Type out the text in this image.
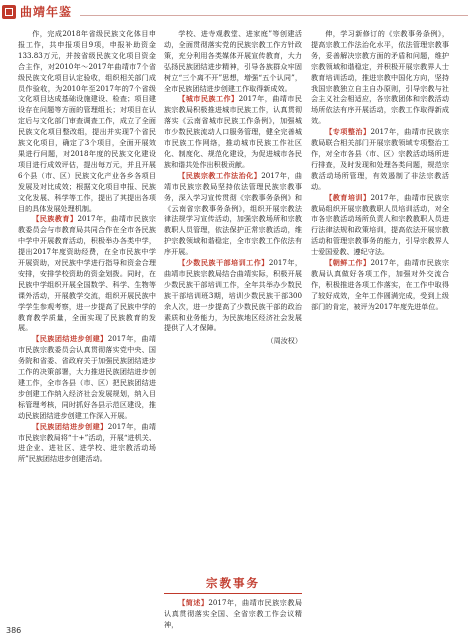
曲靖年鉴

作，完成2018年省级民族文化体目申报工作，共申报项目9项，申报补助资金133.83万元，并按省级民族文化项目资金合主作，对2010年～2017年曲靖市7个省级民族文化项目认定验收，组织相关部门成员作验收，为2010年至2017年的7个省级文化项目达成基础设施建设、检查；项目建设存在问题等方面的管理组长；对项目在认定后与文化部门审查调查工作，成立了全面民族文化项目整改组，提出并实现7个省民族文化项目，确定了3个项目，全面开展效果进行问题，对2018年度的民族文化建设项目进行成效评估，提出每万元，并且开展6个县（市、区）民族文化产业各乡各项目发展及对比成效；根据文化项目申报、民族文化发展、科学等工作，提出了其提出各项目的具体发展处理机制。

【民族教育】2017年，曲靖市民族宗教委员会与市教育局共同合作在全市各民族中学中开展教育活动，积极举办各类中学，提出2017年度资助经费，在全市民族中学开展资助，对民族中学进行指导和资金合理安排，安排学校资助的资金划拨。同时，在民族中学组织开展全国数学、科学、生物等课外活动，开展教学交流，组织开展民族中学学生参观考察，进一步提高了民族中学的教育教学质量，全面实现了民族教育的发展。

【民族团结进步创建】2017年，曲靖市民族宗教委员会认真贯彻落实党中央、国务院和省委、省政府关于加强民族团结进步工作的决策部署，大力推进民族团结进步创建工作，全市各县（市、区）把民族团结进步创建工作纳入经济社会发展规划，纳入目标管理考核，同时抓好各县示范区建设，推动民族团结进步创建工作深入开展。

【民族团结进步创建】2017年，曲靖市民族宗教局将“十+”活动，开展“进机关、进企业、进社区、进学校、进宗教活动场所”民族团结进步创建活动。

学校、进寺观教堂、进家庭”等创建活动，全面贯彻落实党的民族宗教工作方针政策，充分利用各类媒体开展宣传教育，大力弘扬民族团结进步精神，引导各族群众牢固树立“三个离不开”思想，增强“五个认同”，全市民族团结进步创建工作取得新成效。

【城市民族工作】2017年，曲靖市民族宗教局积极推进城市民族工作，认真贯彻落实《云南省城市民族工作条例》，加强城市少数民族流动人口服务管理，健全完善城市民族工作网络，推动城市民族工作社区化、制度化、规范化建设，为促进城市各民族和谐共处作出积极贡献。

【民族宗教工作法治化】2017年，曲靖市民族宗教局坚持依法管理民族宗教事务，深入学习宣传贯彻《宗教事务条例》和《云南省宗教事务条例》，组织开展宗教法律法规学习宣传活动，加强宗教场所和宗教教职人员管理，依法保护正常宗教活动，维护宗教领域和谐稳定，全市宗教工作依法有序开展。

【少数民族干部培训工作】2017年，曲靖市民族宗教局结合曲靖实际，积极开展少数民族干部培训工作，全年共举办少数民族干部培训班3期，培训少数民族干部300余人次，进一步提高了少数民族干部的政治素质和业务能力，为民族地区经济社会发展提供了人才保障。

（周汝权）

伸，学习新修订的《宗教事务条例》，提高宗教工作法治化水平，依法管理宗教事务，妥善解决宗教方面的矛盾和问题，维护宗教领域和谐稳定，并积极开展宗教界人士教育培训活动，推进宗教中国化方向，坚持我国宗教独立自主自办原则，引导宗教与社会主义社会相适应，各宗教团体和宗教活动场所依法有序开展活动，宗教工作取得新成效。

【专项整治】2017年，曲靖市民族宗教局联合相关部门开展宗教领域专项整治工作，对全市各县（市、区）宗教活动场所进行排查，及时发现和处理各类问题，规范宗教活动场所管理，有效遏制了非法宗教活动。

【教育培训】2017年，曲靖市民族宗教局组织开展宗教教职人员培训活动，对全市各宗教活动场所负责人和宗教教职人员进行法律法规和政策培训，提高依法开展宗教活动和管理宗教事务的能力，引导宗教界人士爱国爱教、遵纪守法。

【朝鲜工作】2017年，曲靖市民族宗教局认真做好各项工作，加强对外交流合作，积极推进各项工作落实，在工作中取得了较好成效，全年工作圆满完成，受到上级部门的肯定，被评为2017年度先进单位。

宗教事务

【简述】2017年，曲靖市民族宗教局认真贯彻落实全国、全省宗教工作会议精神，

386
